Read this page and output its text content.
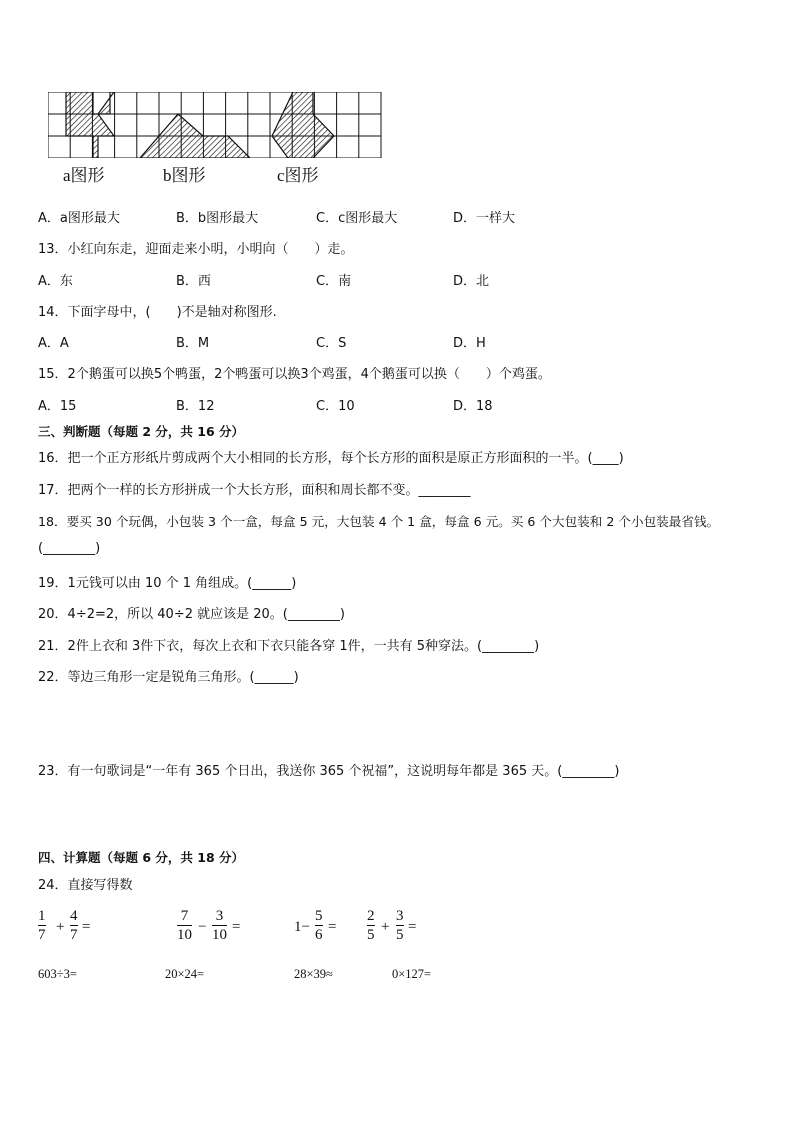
a图形	b图形	c图形
A．a图形最大	B．b图形最大	C．c图形最大	D．一样大
13．小红向东走，迎面走来小明，小明向（　　）走。
A．东	B．西	C．南	D．北
14．下面字母中，(　　)不是轴对称图形.
A．A	B．M	C．S	D．H
15．2个鹅蛋可以换5个鸭蛋，2个鸭蛋可以换3个鸡蛋，4个鹅蛋可以换（　　）个鸡蛋。
A．15	B．12	C．10	D．18
三、判断题（每题 2 分，共 16 分）
16．把一个正方形纸片剪成两个大小相同的长方形，每个长方形的面积是原正方形面积的一半。(____)
17．把两个一样的长方形拼成一个大长方形，面积和周长都不变。________
18．要买 30 个玩偶，小包装 3 个一盒，每盒 5 元，大包装 4 个 1 盒，每盒 6 元。买 6 个大包装和 2 个小包装最省钱。
(________)
19．1元钱可以由 10 个 1 角组成。(______)
20．4÷2=2，所以 40÷2 就应该是 20。(________)
21．2件上衣和 3件下衣，每次上衣和下衣只能各穿 1件，一共有 5种穿法。(________)
22．等边三角形一定是锐角三角形。(______)
23．有一句歌词是“一年有 365 个日出，我送你 365 个祝福”，这说明每年都是 365 天。(________)
四、计算题（每题 6 分，共 18 分）
24．直接写得数
1
7 +
4
7 =
7
10 −
3
10 =	1−
5
6 =
2
5 +
3
5 =
603÷3=	20×24=	28×39≈	0×127=
